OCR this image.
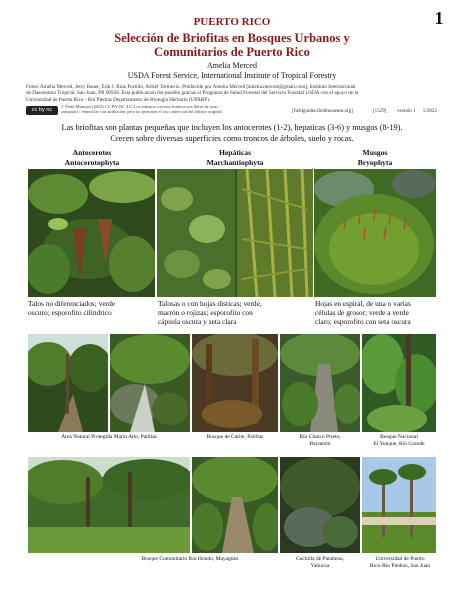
PUERTO RICO	1
Selección de Briofitas en Bosques Urbanos y
Comunitarios de Puerto Rico
Amelia Merced
USDA Forest Service, International Institute of Tropical Forestry
Fotos: Amelia Merced, Jerry Bauer, Erik J. Ruiz Portillo, Adriel Tormecio. Producido por Amelia Merced [amelia.merced@gmail.com], Instituto Internacional
de Dasonomía Tropical, San Juan, PR 00926. Esta publicación fue posible gracias al Programa de Salud Forestal del Servicio Forestal USDA con el apoyo de la
Universidad de Puerto Rico - Río Piedras Departamento de Biología Herbario (UPRRP).
cc by nc
© Field Museum (2023) CC BY-NC 4.0. Los trabajos con esta licencia son libres de usar /
compartir / remezclar con atribución, pero no permiten el uso comercial del trabajo original.	[fieldguides.fieldmuseum.org]	[1529] versión 1 5/2023
Las briofitas son plantas pequeñas que incluyen los antocerotes (1-2), hepaticas (3-6) y musgos (8-19).
Crecen sobre diversas superficies como troncos de árboles, suelo y rocas.
Antocerotes
Antocerotophyta
Hepáticas
Marchantiophyta
Musgos
Bryophyta
Talos no diferenciados; verde
oscuro; esporofito cilíndrico
Talosas o con hojas disticas; verde,
marrón o rojizas; esporofito con
cápsula oscura y seta clara
Hojas en espiral, de una o varias
células de grosor; verde a verde
claro; esporofito con seta oscura
Área Natural Protegida Marín Alto, Patillas	Bosque de Carite, Patillas	Río Charco Prieto,
Bayamón
Bosque Nacional
El Yunque, Río Grande
Bosque Comunitario Río Hondo, Mayagüez	Cuchilla de Panduras,
Yabucoa
Universidad de Puerto
Rico-Río Piedras, San Juan
